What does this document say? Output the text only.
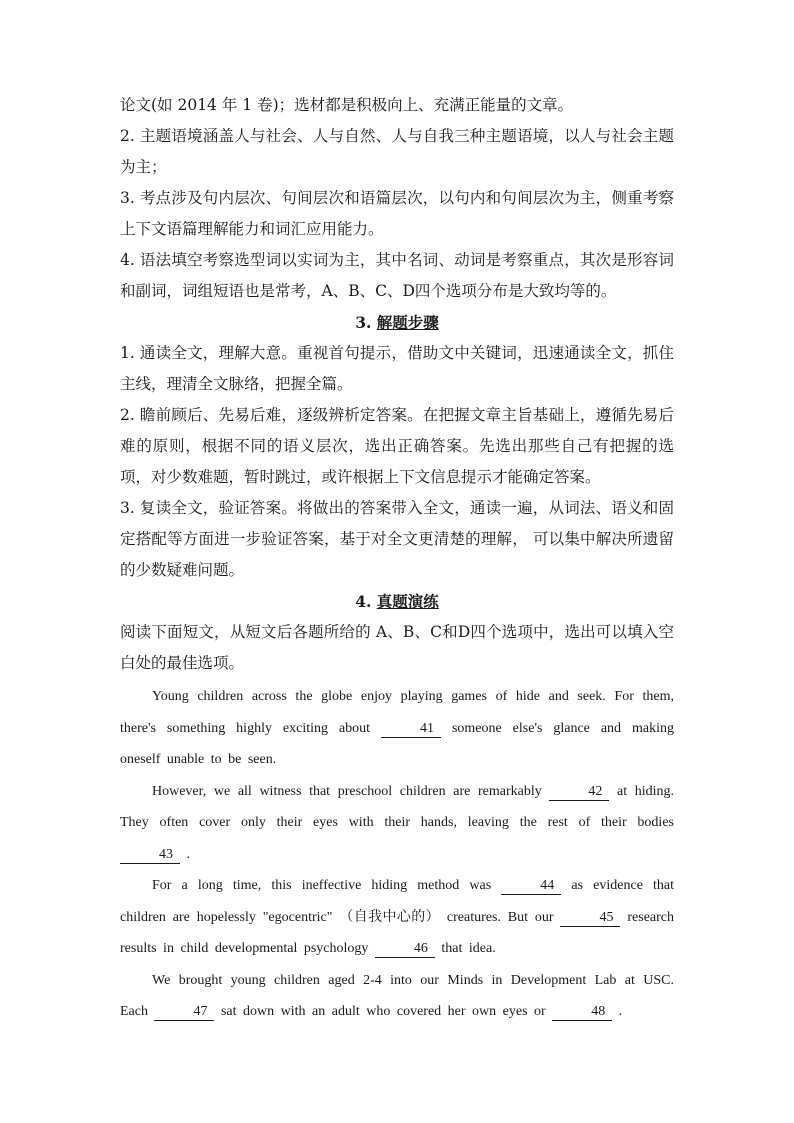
论文(如 2014 年 1 卷)；选材都是积极向上、充满正能量的文章。

2. 主题语境涵盖人与社会、人与自然、人与自我三种主题语境，以人与社会主题为主；

3. 考点涉及句内层次、句间层次和语篇层次，以句内和句间层次为主，侧重考察上下文语篇理解能力和词汇应用能力。

4. 语法填空考察选型词以实词为主，其中名词、动词是考察重点，其次是形容词和副词，词组短语也是常考，A、B、C、D四个选项分布是大致均等的。

3. 解题步骤

1. 通读全文，理解大意。重视首句提示，借助文中关键词，迅速通读全文，抓住主线，理清全文脉络，把握全篇。

2. 瞻前顾后、先易后难，逐级辨析定答案。在把握文章主旨基础上，遵循先易后难的原则，根据不同的语义层次，选出正确答案。先选出那些自己有把握的选项，对少数难题，暂时跳过，或许根据上下文信息提示才能确定答案。

3. 复读全文，验证答案。将做出的答案带入全文，通读一遍，从词法、语义和固定搭配等方面进一步验证答案，基于对全文更清楚的理解， 可以集中解决所遗留的少数疑难问题。

4. 真题演练

阅读下面短文，从短文后各题所给的 A、B、C和D四个选项中，选出可以填入空白处的最佳选项。

Young children across the globe enjoy playing games of hide and seek. For them, there's something highly exciting about	41 someone else's glance and making oneself unable to be seen.

However, we all witness that preschool children are remarkably	42 at hiding. They often cover only their eyes with their hands, leaving the rest of their bodies 43 .

For a long time, this ineffective hiding method was	44 as evidence that children are hopelessly "egocentric" （自我中心的） creatures. But our	45 research results in child developmental psychology	46 that idea.

We brought young children aged 2-4 into our Minds in Development Lab at USC. Each	47 sat down with an adult who covered her own eyes or	48 .
